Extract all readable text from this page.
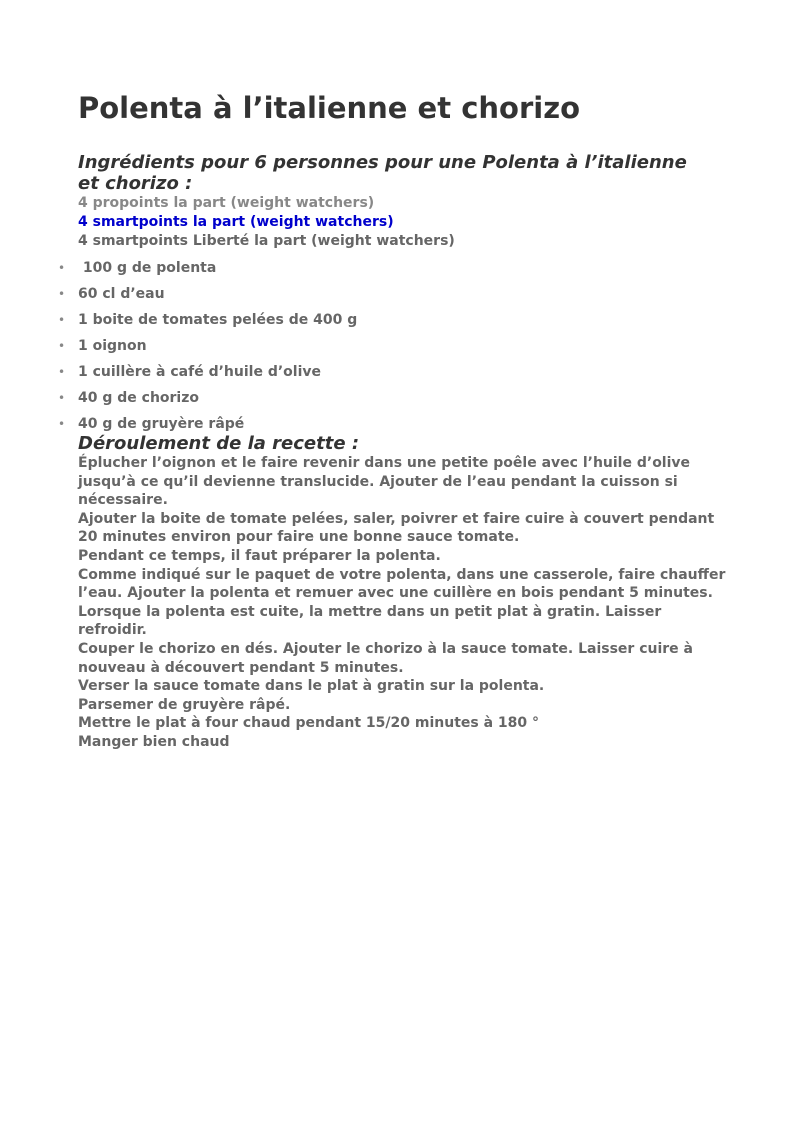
Polenta à l’italienne et chorizo
Ingrédients pour 6 personnes pour une Polenta à l’italienne et chorizo :
4 propoints la part (weight watchers)
4 smartpoints la part (weight watchers)
4 smartpoints Liberté la part (weight watchers)
• 100 g de polenta
• 60 cl d’eau
• 1 boite de tomates pelées de 400 g
• 1 oignon
• 1 cuillère à café d’huile d’olive
• 40 g de chorizo
• 40 g de gruyère râpé
Déroulement de la recette :
Éplucher l’oignon et le faire revenir dans une petite poêle avec l’huile d’olive jusqu’à ce qu’il devienne translucide. Ajouter de l’eau pendant la cuisson si nécessaire.
Ajouter la boite de tomate pelées, saler, poivrer et faire cuire à couvert pendant 20 minutes environ pour faire une bonne sauce tomate.
Pendant ce temps, il faut préparer la polenta.
Comme indiqué sur le paquet de votre polenta, dans une casserole, faire chauffer l’eau. Ajouter la polenta et remuer avec une cuillère en bois pendant 5 minutes.
Lorsque la polenta est cuite, la mettre dans un petit plat à gratin. Laisser refroidir.
Couper le chorizo en dés. Ajouter le chorizo à la sauce tomate. Laisser cuire à nouveau à découvert pendant 5 minutes.
Verser la sauce tomate dans le plat à gratin sur la polenta.
Parsemer de gruyère râpé.
Mettre le plat à four chaud pendant 15/20 minutes à 180 °
Manger bien chaud
